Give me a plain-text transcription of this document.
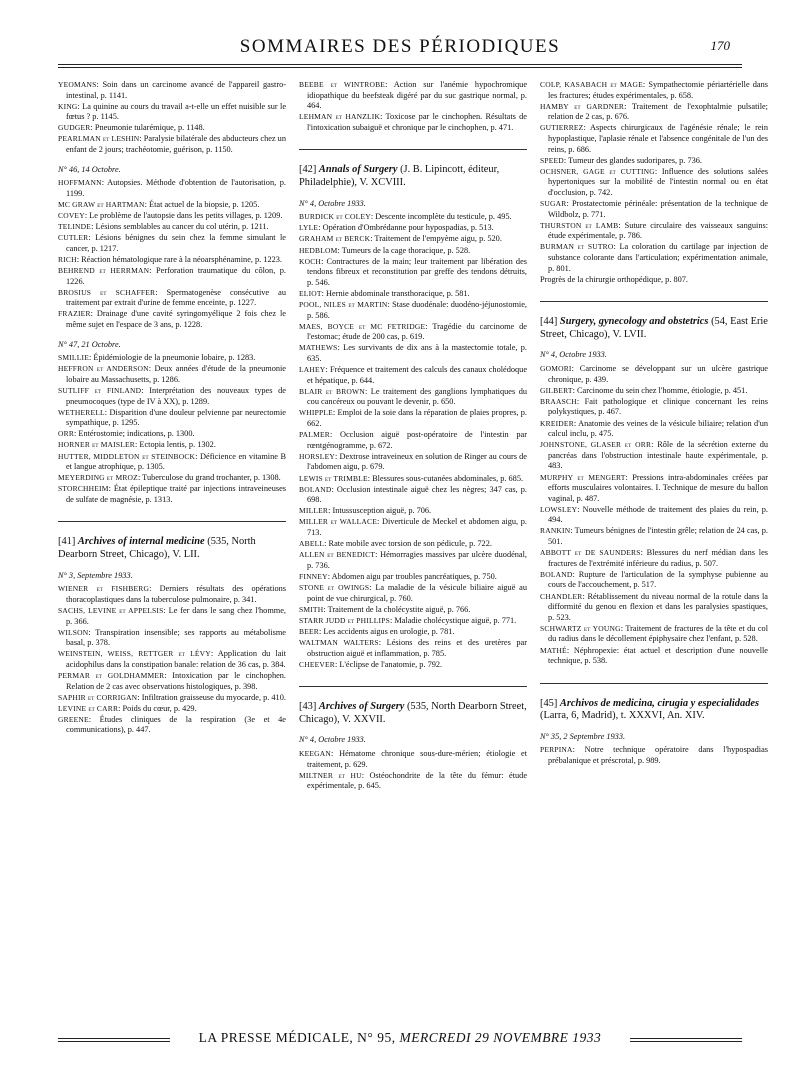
SOMMAIRES DES PÉRIODIQUES	170
YEOMANS: Soin dans un carcinome avancé de l'appareil gastro-intestinal, p. 1141.
KING: La quinine au cours du travail a-t-elle un effet nuisible sur le fœtus ? p. 1145.
GUDGER: Pneumonie tularémique, p. 1148.
PEARLMAN et LESHIN: Paralysie bilatérale des abducteurs chez un enfant de 2 jours; trachéotomie, guérison, p. 1150.
N° 46, 14 Octobre.
HOFFMANN: Autopsies. Méthode d'obtention de l'autorisation, p. 1199.
MC GRAW et HARTMAN: État actuel de la biopsie, p. 1205.
COVEY: Le problème de l'autopsie dans les petits villages, p. 1209.
TELINDE: Lésions semblables au cancer du col utérin, p. 1211.
CUTLER: Lésions bénignes du sein chez la femme simulant le cancer, p. 1217.
RICH: Réaction hématologique rare à la néoarsphénamine, p. 1223.
BEHREND et HERRMAN: Perforation traumatique du côlon, p. 1226.
BROSIUS et SCHAFFER: Spermatogenèse consécutive au traitement par extrait d'urine de femme enceinte, p. 1227.
FRAZIER: Drainage d'une cavité syringomyélique 2 fois chez le même sujet en l'espace de 3 ans, p. 1228.
N° 47, 21 Octobre.
SMILLIE: Épidémiologie de la pneumonie lobaire, p. 1283.
HEFFRON et ANDERSON: Deux années d'étude de la pneumonie lobaire au Massachusetts, p. 1286.
SUTLIFF et FINLAND: Interprétation des nouveaux types de pneumocoques (type de IV à XX), p. 1289.
WETHERELL: Disparition d'une douleur pelvienne par neurectomie sympathique, p. 1295.
ORR: Entérostomie; indications, p. 1300.
HORNER et MAISLER: Ectopia lentis, p. 1302.
HUTTER, MIDDLETON et STEINBOCK: Déficience en vitamine B et langue atrophique, p. 1305.
MEYERDING et MROZ: Tuberculose du grand trochanter, p. 1308.
STORCHHEIM: État épileptique traité par injections intraveineuses de sulfate de magnésie, p. 1313.
[41] Archives of internal medicine (535, North Dearborn Street, Chicago), V. LII.
N° 3, Septembre 1933.
WIENER et FISHBERG: Derniers résultats des opérations thoracoplastiques dans la tuberculose pulmonaire, p. 341.
SACHS, LEVINE et APPELSIS: Le fer dans le sang chez l'homme, p. 366.
WILSON: Transpiration insensible; ses rapports au métabolisme basal, p. 378.
WEINSTEIN, WEISS, RETTGER et LÉVY: Application du lait acidophilus dans la constipation banale: relation de 36 cas, p. 384.
PERMAR et GOLDHAMMER: Intoxication par le cinchophen. Relation de 2 cas avec observations histologiques, p. 398.
SAPHIR et CORRIGAN: Infiltration graisseuse du myocarde, p. 410.
LEVINE et CARR: Poids du cœur, p. 429.
GREENE: Études cliniques de la respiration (3e et 4e communications), p. 447.
BEEBE et WINTROBE: Action sur l'anémie hypochromique idiopathique du beefsteak digéré par du suc gastrique normal, p. 464.
LEHMAN et HANZLIK: Toxicose par le cinchophen. Résultats de l'intoxication subaiguë et chronique par le cinchophen, p. 471.
[42] Annals of Surgery (J. B. Lipincott, éditeur, Philadelphie), V. XCVIII.
N° 4, Octobre 1933.
BURDICK et COLEY: Descente incomplète du testicule, p. 495.
LYLE: Opération d'Ombrédanne pour hypospadias, p. 513.
GRAHAM et BERCK: Traitement de l'empyème aigu, p. 520.
HEDBLOM: Tumeurs de la cage thoracique, p. 528.
KOCH: Contractures de la main; leur traitement par libération des tendons fibreux et reconstitution par greffe des tendons détruits, p. 546.
ELIOT: Hernie abdominale transthoracique, p. 581.
POOL, NILES et MARTIN: Stase duodénale: duodéno-jéjunostomie, p. 586.
MAES, BOYCE et MC FETRIDGE: Tragédie du carcinome de l'estomac; étude de 200 cas, p. 619.
MATHEWS: Les survivants de dix ans à la mastectomie totale, p. 635.
LAHEY: Fréquence et traitement des calculs des canaux cholédoque et hépatique, p. 644.
BLAIR et BROWN: Le traitement des ganglions lymphatiques du cou cancéreux ou pouvant le devenir, p. 650.
WHIPPLE: Emploi de la soie dans la réparation de plaies propres, p. 662.
PALMER: Occlusion aiguë post-opératoire de l'intestin par rœntgénogramme, p. 672.
HORSLEY: Dextrose intraveineux en solution de Ringer au cours de l'abdomen aigu, p. 679.
LEWIS et TRIMBLE: Blessures sous-cutanées abdominales, p. 685.
BOLAND: Occlusion intestinale aiguë chez les nègres; 347 cas, p. 698.
MILLER: Intussusception aiguë, p. 706.
MILLER et WALLACE: Diverticule de Meckel et abdomen aigu, p. 713.
ABELL: Rate mobile avec torsion de son pédicule, p. 722.
ALLEN et BENEDICT: Hémorragies massives par ulcère duodénal, p. 736.
FINNEY: Abdomen aigu par troubles pancréatiques, p. 750.
STONE et OWINGS: La maladie de la vésicule biliaire aiguë au point de vue chirurgical, p. 760.
SMITH: Traitement de la cholécystite aiguë, p. 766.
STARR JUDD et PHILLIPS: Maladie cholécystique aiguë, p. 771.
BEER: Les accidents aigus en urologie, p. 781.
WALTMAN WALTERS: Lésions des reins et des uretères par obstruction aiguë et inflammation, p. 785.
CHEEVER: L'éclipse de l'anatomie, p. 792.
[43] Archives of Surgery (535, North Dearborn Street, Chicago), V. XXVII.
N° 4, Octobre 1933.
KEEGAN: Hématome chronique sous-dure-mérien; étiologie et traitement, p. 629.
MILTNER et HU: Ostéochondrite de la tête du fémur: étude expérimentale, p. 645.
COLP, KASABACH et MAGE: Sympathectomie périartérielle dans les fractures; études expérimentales, p. 658.
HAMBY et GARDNER: Traitement de l'exophtalmie pulsatile; relation de 2 cas, p. 676.
GUTIERREZ: Aspects chirurgicaux de l'agénésie rénale; le rein hypoplastique, l'aplasie rénale et l'absence congénitale de l'un des reins, p. 686.
SPEED: Tumeur des glandes sudoripares, p. 736.
OCHSNER, GAGE et CUTTING: Influence des solutions salées hypertoniques sur la mobilité de l'intestin normal ou en état d'occlusion, p. 742.
SUGAR: Prostatectomie périnéale: présentation de la technique de Wildbolz, p. 771.
THURSTON et LAMB: Suture circulaire des vaisseaux sanguins: étude expérimentale, p. 786.
BURMAN et SUTRO: La coloration du cartilage par injection de substance colorante dans l'articulation; expérimentation animale, p. 801.
Progrès de la chirurgie orthopédique, p. 807.
[44] Surgery, gynecology and obstetrics (54, East Erie Street, Chicago), V. LVII.
N° 4, Octobre 1933.
GOMORI: Carcinome se développant sur un ulcère gastrique chronique, p. 439.
GILBERT: Carcinome du sein chez l'homme, étiologie, p. 451.
BRAASCH: Fait pathologique et clinique concernant les reins polykystiques, p. 467.
KREIDER: Anatomie des veines de la vésicule biliaire; relation d'un calcul inclu, p. 475.
JOHNSTONE, GLASER et ORR: Rôle de la sécrétion externe du pancréas dans l'obstruction intestinale haute expérimentale, p. 483.
MURPHY et MENGERT: Pressions intra-abdominales créées par efforts musculaires volontaires. I. Technique de mesure du ballon vaginal, p. 487.
LOWSLEY: Nouvelle méthode de traitement des plaies du rein, p. 494.
RANKIN: Tumeurs bénignes de l'intestin grêle; relation de 24 cas, p. 501.
ABBOTT et DE SAUNDERS: Blessures du nerf médian dans les fractures de l'extrémité inférieure du radius, p. 507.
BOLAND: Rupture de l'articulation de la symphyse pubienne au cours de l'accouchement, p. 517.
CHANDLER: Rétablissement du niveau normal de la rotule dans la difformité du genou en flexion et dans les paralysies spastiques, p. 523.
SCHWARTZ et YOUNG: Traitement de fractures de la tête et du col du radius dans le décollement épiphysaire chez l'enfant, p. 528.
MATHÉ: Néphropexie: état actuel et description d'une nouvelle technique, p. 538.
[45] Archivos de medicina, cirugia y especialidades (Larra, 6, Madrid), t. XXXVI, An. XIV.
N° 35, 2 Septembre 1933.
PERPINA: Notre technique opératoire dans l'hypospadias prébalanique et préscrotal, p. 989.
LA PRESSE MÉDICALE, N° 95, MERCREDI 29 NOVEMBRE 1933
